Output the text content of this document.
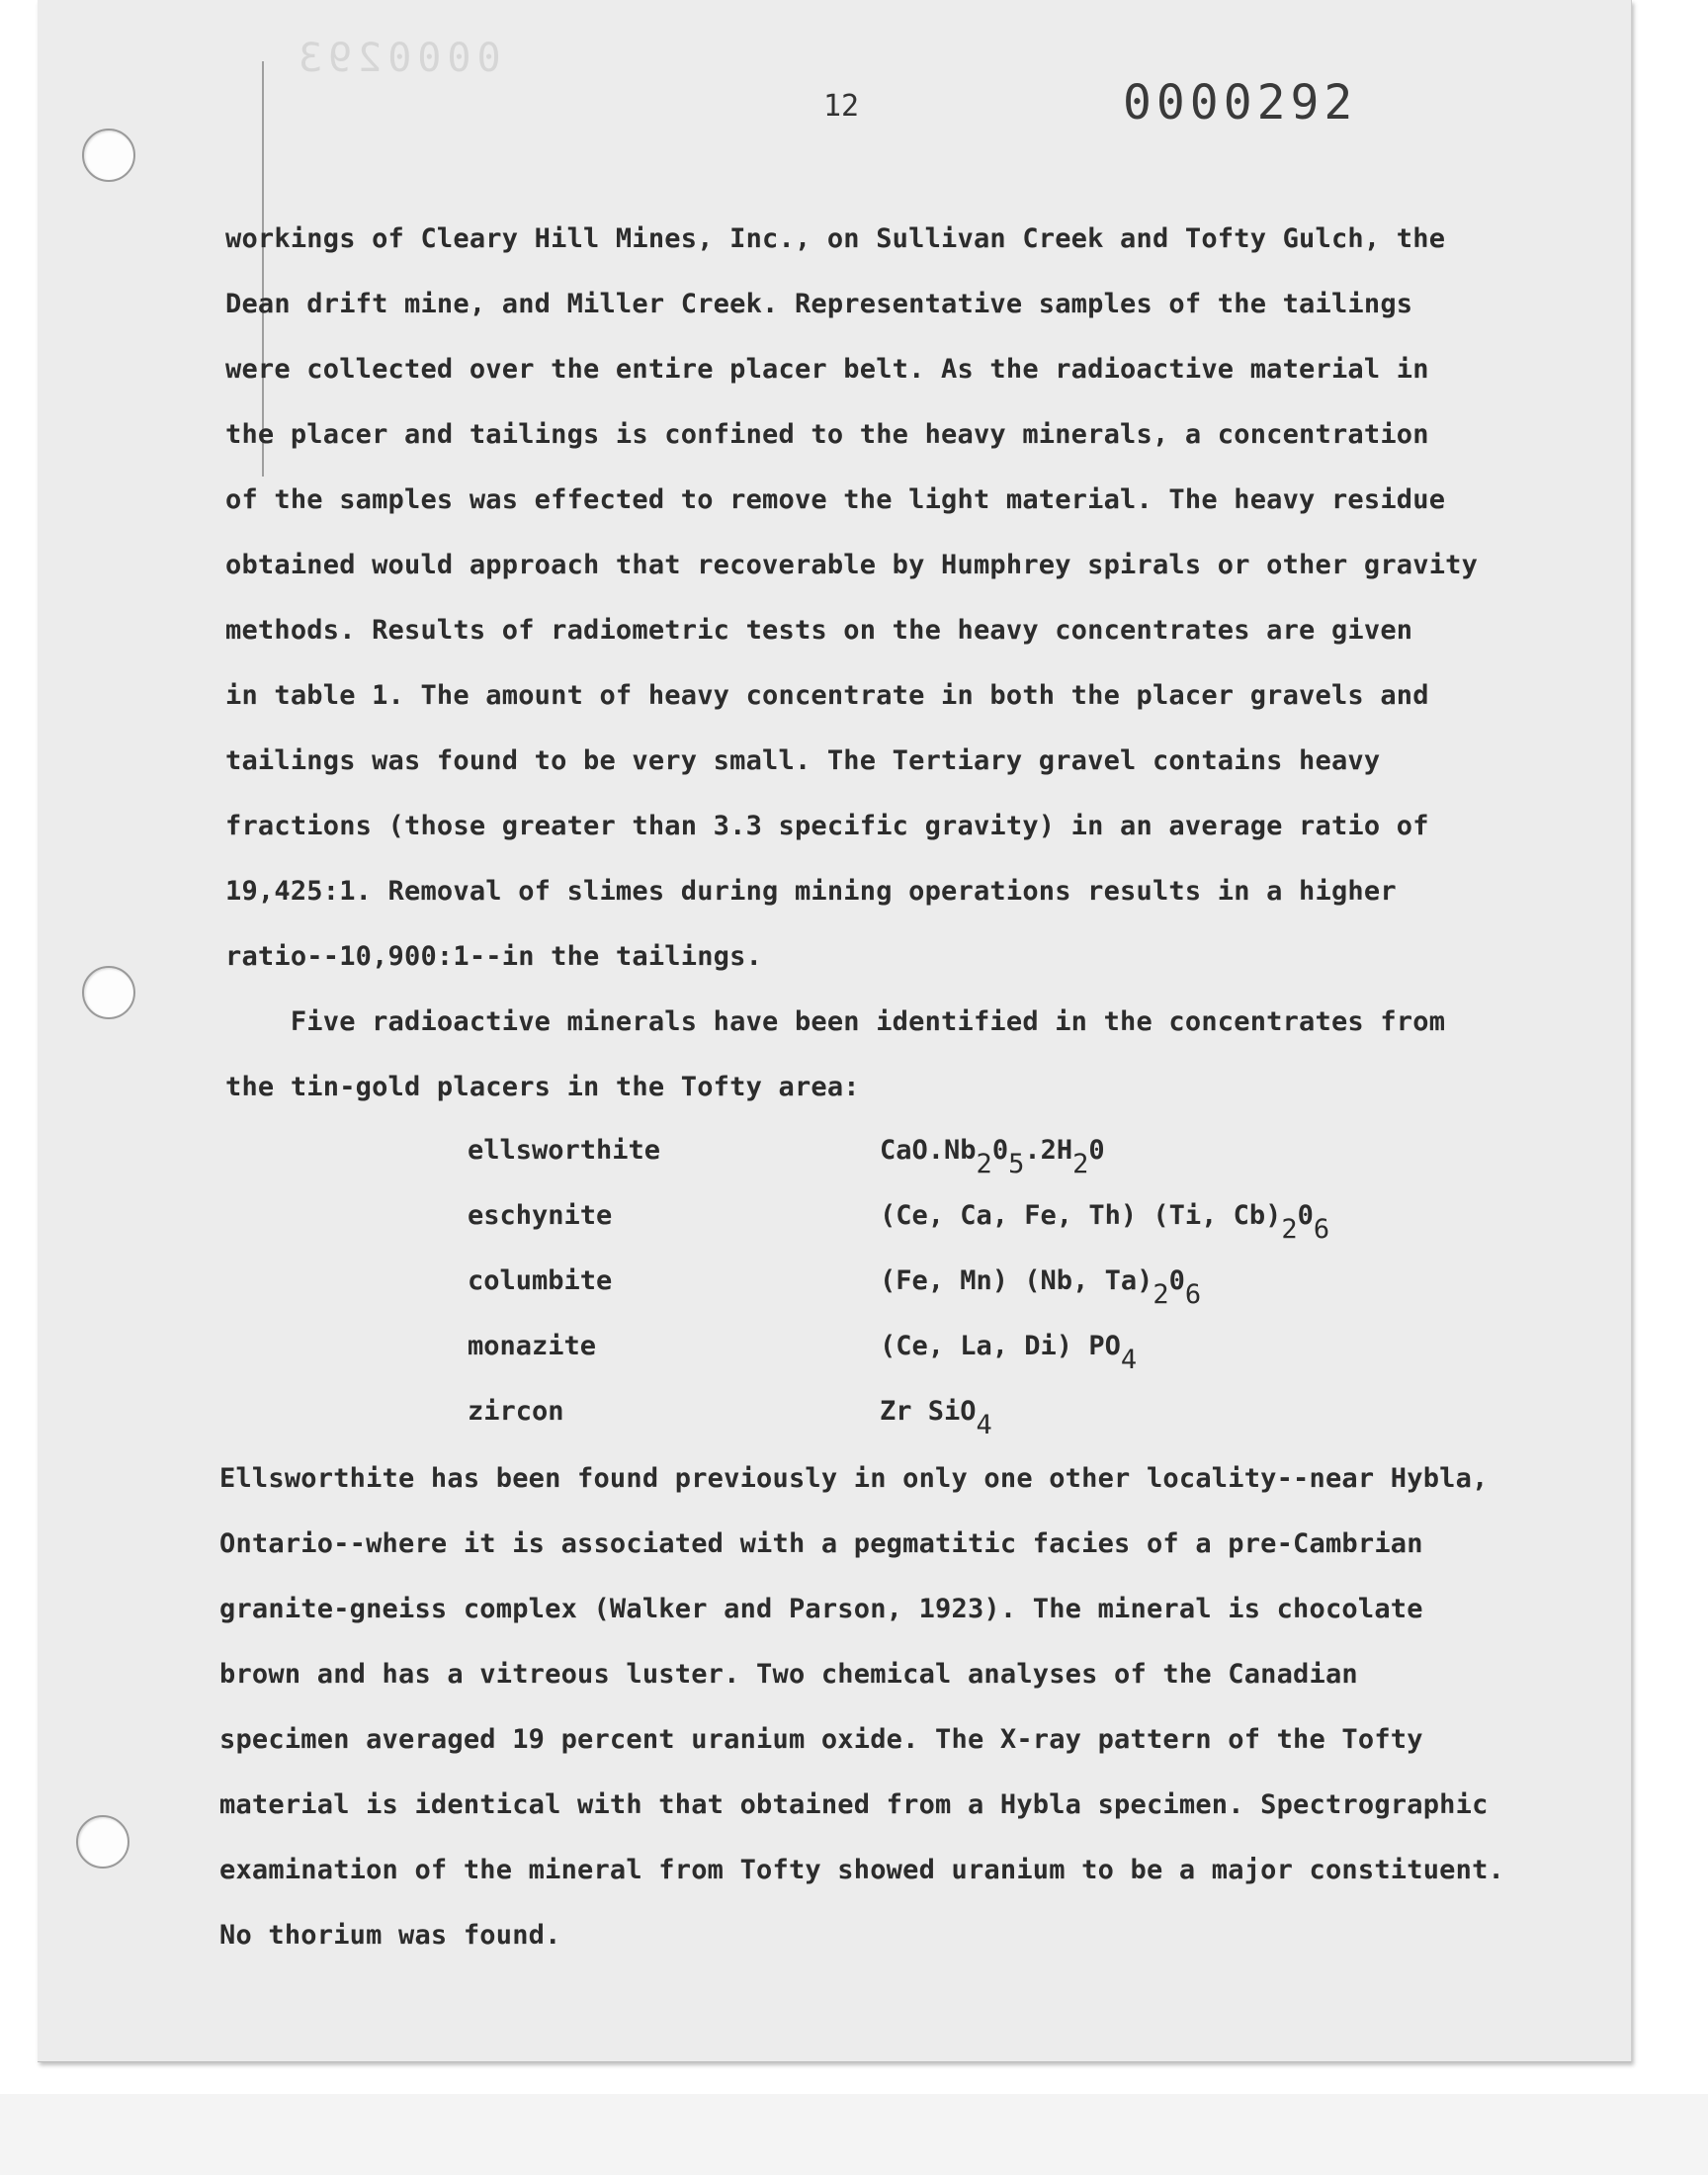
0000293
12	0000292

workings of Cleary Hill Mines, Inc., on Sullivan Creek and Tofty Gulch, the

Dean drift mine, and Miller Creek. Representative samples of the tailings

were collected over the entire placer belt. As the radioactive material in

the placer and tailings is confined to the heavy minerals, a concentration

of the samples was effected to remove the light material. The heavy residue

obtained would approach that recoverable by Humphrey spirals or other gravity

methods. Results of radiometric tests on the heavy concentrates are given

in table 1. The amount of heavy concentrate in both the placer gravels and

tailings was found to be very small. The Tertiary gravel contains heavy

fractions (those greater than 3.3 specific gravity) in an average ratio of

19,425:1. Removal of slimes during mining operations results in a higher

ratio--10,900:1--in the tailings.

Five radioactive minerals have been identified in the concentrates from

the tin-gold placers in the Tofty area:

ellsworthite	$CaO.Nb_20_5.2H_20$

eschynite	(Ce, Ca, Fe, Th) (Ti, $Cb)_20_6$

columbite	(Fe, Mn) (Nb, $Ta)_20_6$

monazite	(Ce, La, Di) $PO_4$

zircon	Zr SiO$_4$

Ellsworthite has been found previously in only one other locality--near Hybla,

Ontario--where it is associated with a pegmatitic facies of a pre-Cambrian

granite-gneiss complex (Walker and Parson, 1923). The mineral is chocolate

brown and has a vitreous luster. Two chemical analyses of the Canadian

specimen averaged 19 percent uranium oxide. The X-ray pattern of the Tofty

material is identical with that obtained from a Hybla specimen. Spectrographic

examination of the mineral from Tofty showed uranium to be a major constituent.

No thorium was found.
